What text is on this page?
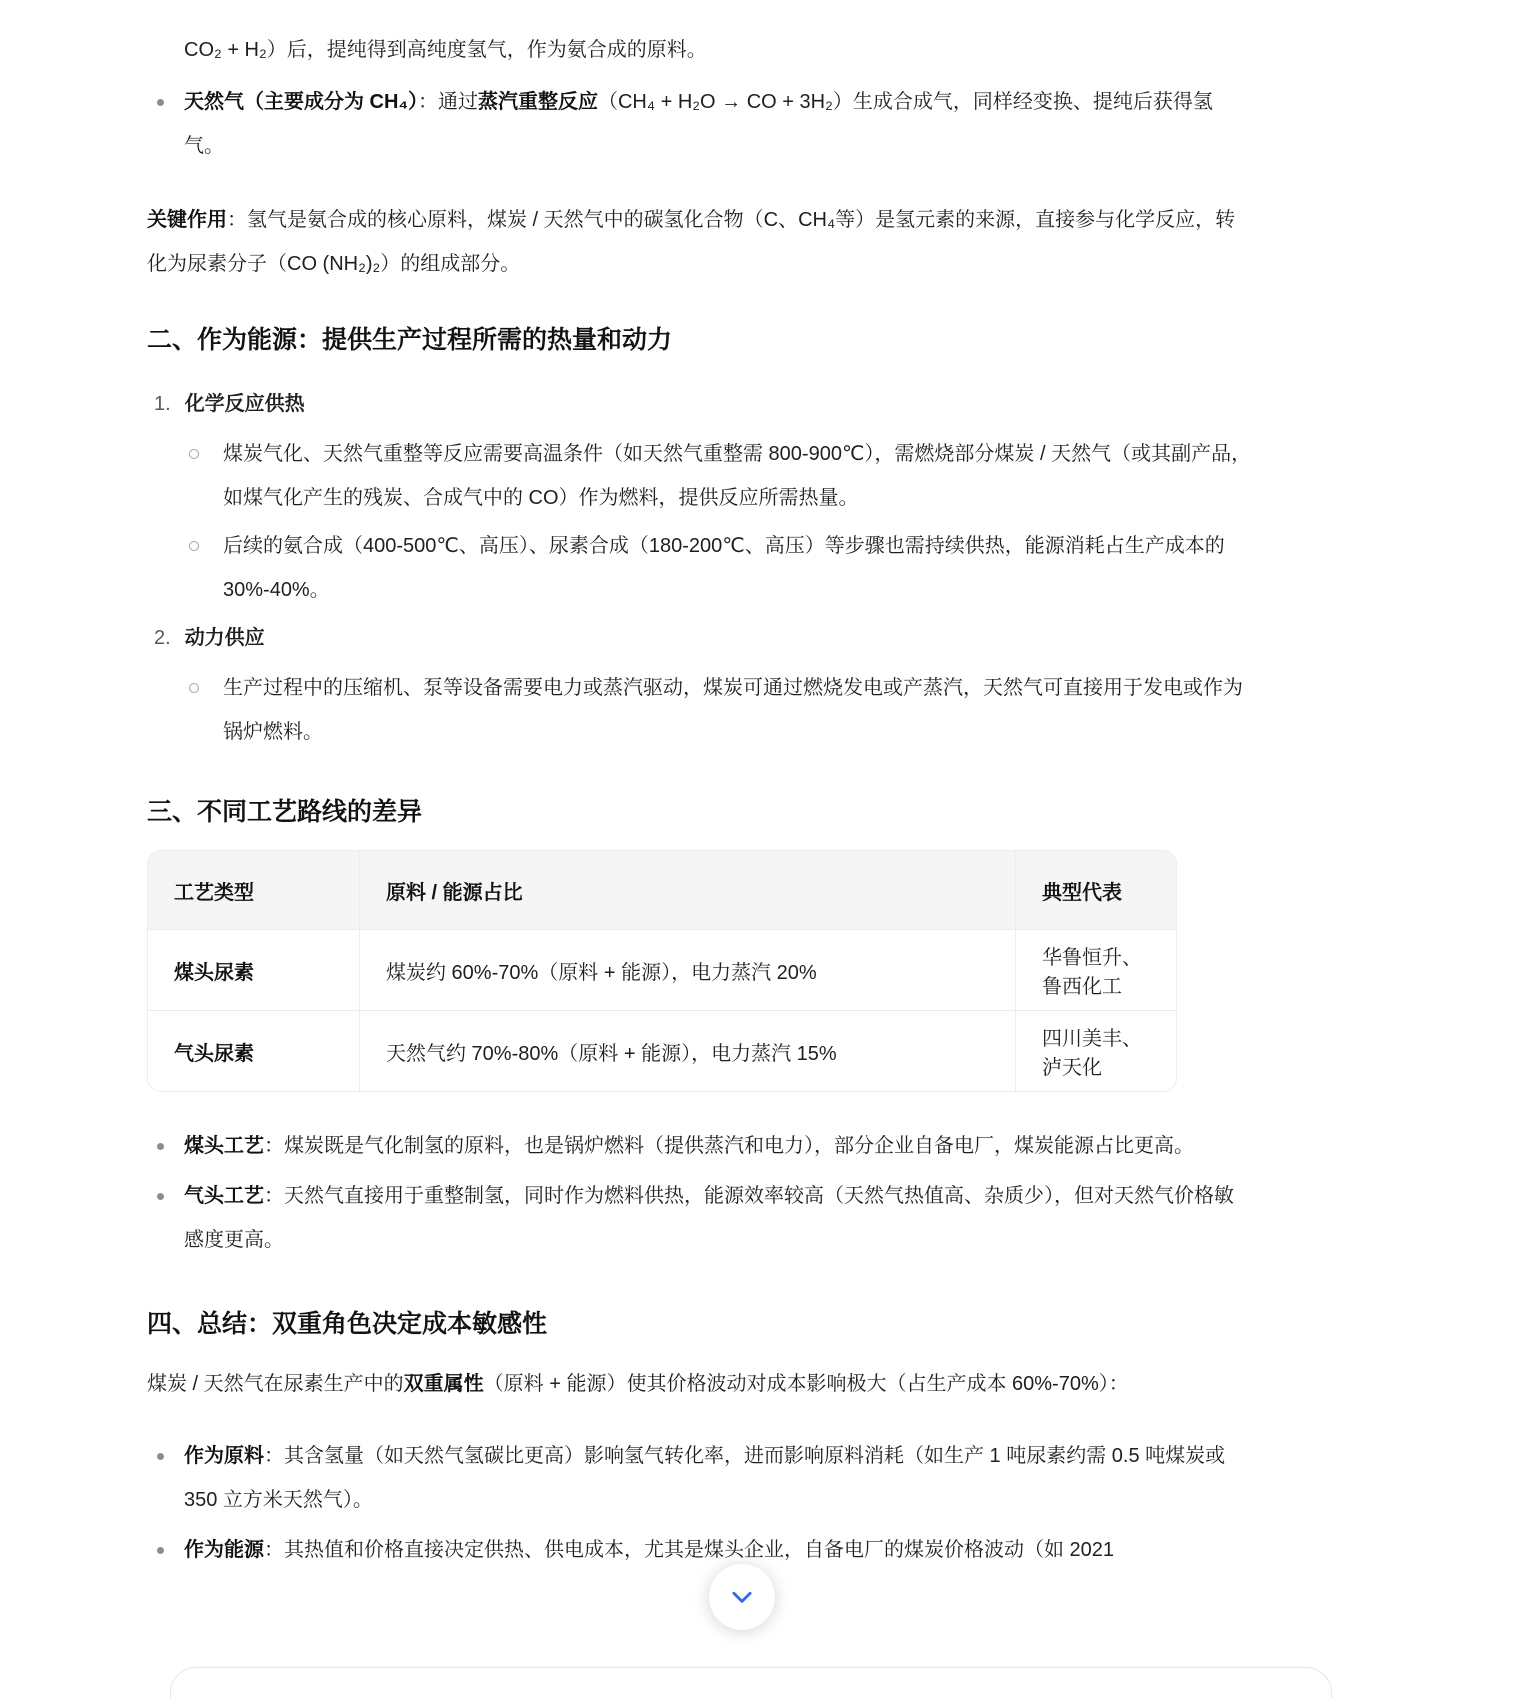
CO₂ + H₂）后，提纯得到高纯度氢气，作为氨合成的原料。

天然气（主要成分为 CH₄）：通过蒸汽重整反应（CH₄ + H₂O → CO + 3H₂）生成合成气，同样经变换、提纯后获得氢气。

关键作用：氢气是氨合成的核心原料，煤炭 / 天然气中的碳氢化合物（C、CH₄等）是氢元素的来源，直接参与化学反应，转化为尿素分子（CO (NH₂)₂）的组成部分。

二、作为能源：提供生产过程所需的热量和动力
1. 化学反应供热
煤炭气化、天然气重整等反应需要高温条件（如天然气重整需 800-900℃），需燃烧部分煤炭 / 天然气（或其副产品，如煤气化产生的残炭、合成气中的 CO）作为燃料，提供反应所需热量。
后续的氨合成（400-500℃、高压）、尿素合成（180-200℃、高压）等步骤也需持续供热，能源消耗占生产成本的 30%-40%。
2. 动力供应
生产过程中的压缩机、泵等设备需要电力或蒸汽驱动，煤炭可通过燃烧发电或产蒸汽，天然气可直接用于发电或作为锅炉燃料。
三、不同工艺路线的差异
工艺类型	原料 / 能源占比	典型代表
煤头尿素	煤炭约 60%-70%（原料 + 能源），电力蒸汽 20%	华鲁恒升、鲁西化工
气头尿素	天然气约 70%-80%（原料 + 能源），电力蒸汽 15%	四川美丰、泸天化
煤头工艺：煤炭既是气化制氢的原料，也是锅炉燃料（提供蒸汽和电力），部分企业自备电厂，煤炭能源占比更高。
气头工艺：天然气直接用于重整制氢，同时作为燃料供热，能源效率较高（天然气热值高、杂质少），但对天然气价格敏感度更高。
四、总结：双重角色决定成本敏感性

煤炭 / 天然气在尿素生产中的双重属性（原料 + 能源）使其价格波动对成本影响极大（占生产成本 60%-70%）：

作为原料：其含氢量（如天然气氢碳比更高）影响氢气转化率，进而影响原料消耗（如生产 1 吨尿素约需 0.5 吨煤炭或 350 立方米天然气）。
作为能源：其热值和价格直接决定供热、供电成本，尤其是煤头企业，自备电厂的煤炭价格波动（如 2021
